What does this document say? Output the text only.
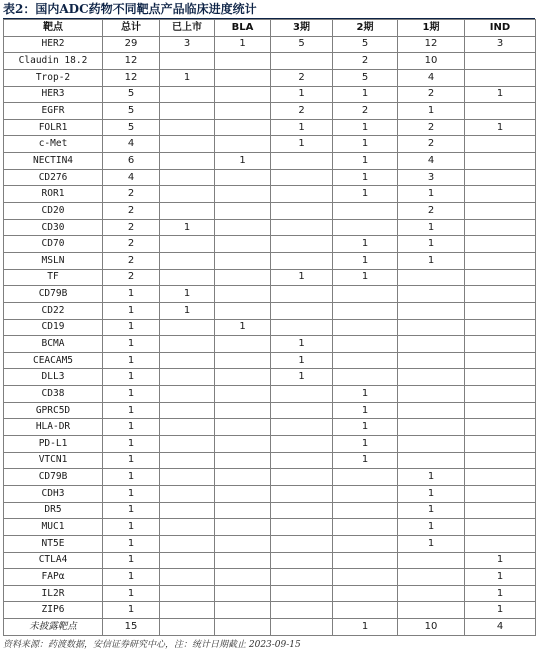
表2：国内ADC药物不同靶点产品临床进度统计
靶点	总计	已上市	BLA	3期	2期	1期	IND
HER2	29	3	1	5	5	12	3
Claudin 18.2	12				2	10	
Trop-2	12	1		2	5	4	
HER3	5			1	1	2	1
EGFR	5			2	2	1	
FOLR1	5			1	1	2	1
c-Met	4			1	1	2	
NECTIN4	6		1		1	4	
CD276	4				1	3	
ROR1	2				1	1	
CD20	2					2	
CD30	2	1				1	
CD70	2				1	1	
MSLN	2				1	1	
TF	2			1	1		
CD79B	1	1					
CD22	1	1					
CD19	1		1				
BCMA	1			1			
CEACAM5	1			1			
DLL3	1			1			
CD38	1				1		
GPRC5D	1				1		
HLA-DR	1				1		
PD-L1	1				1		
VTCN1	1				1		
CD79B	1					1	
CDH3	1					1	
DR5	1					1	
MUC1	1					1	
NT5E	1					1	
CTLA4	1						1
FAPα	1						1
IL2R	1						1
ZIP6	1						1
未披露靶点	15				1	10	4
资料来源：药渡数据，安信证券研究中心，注：统计日期截止 2023-09-15
